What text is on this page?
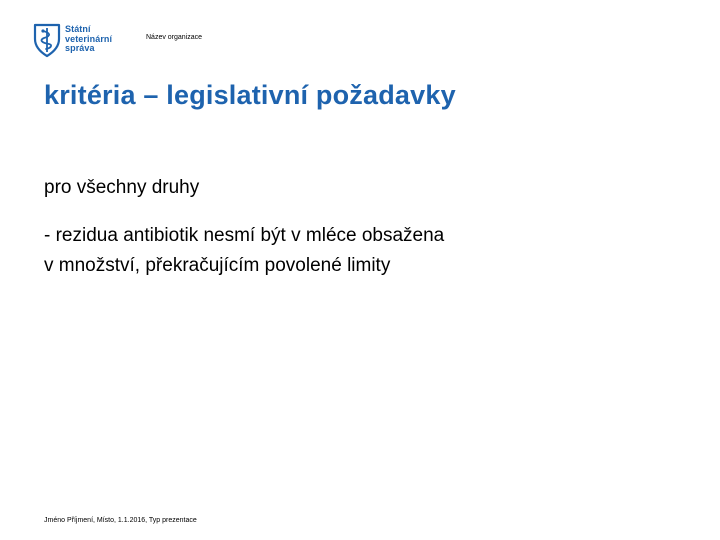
Státní
veterinární
správa
Název organizace
kritéria – legislativní požadavky
pro všechny druhy

- rezidua antibiotik nesmí být v mléce obsažena
v množství, překračujícím povolené limity

Jméno Příjmení, Místo, 1.1.2016, Typ prezentace
